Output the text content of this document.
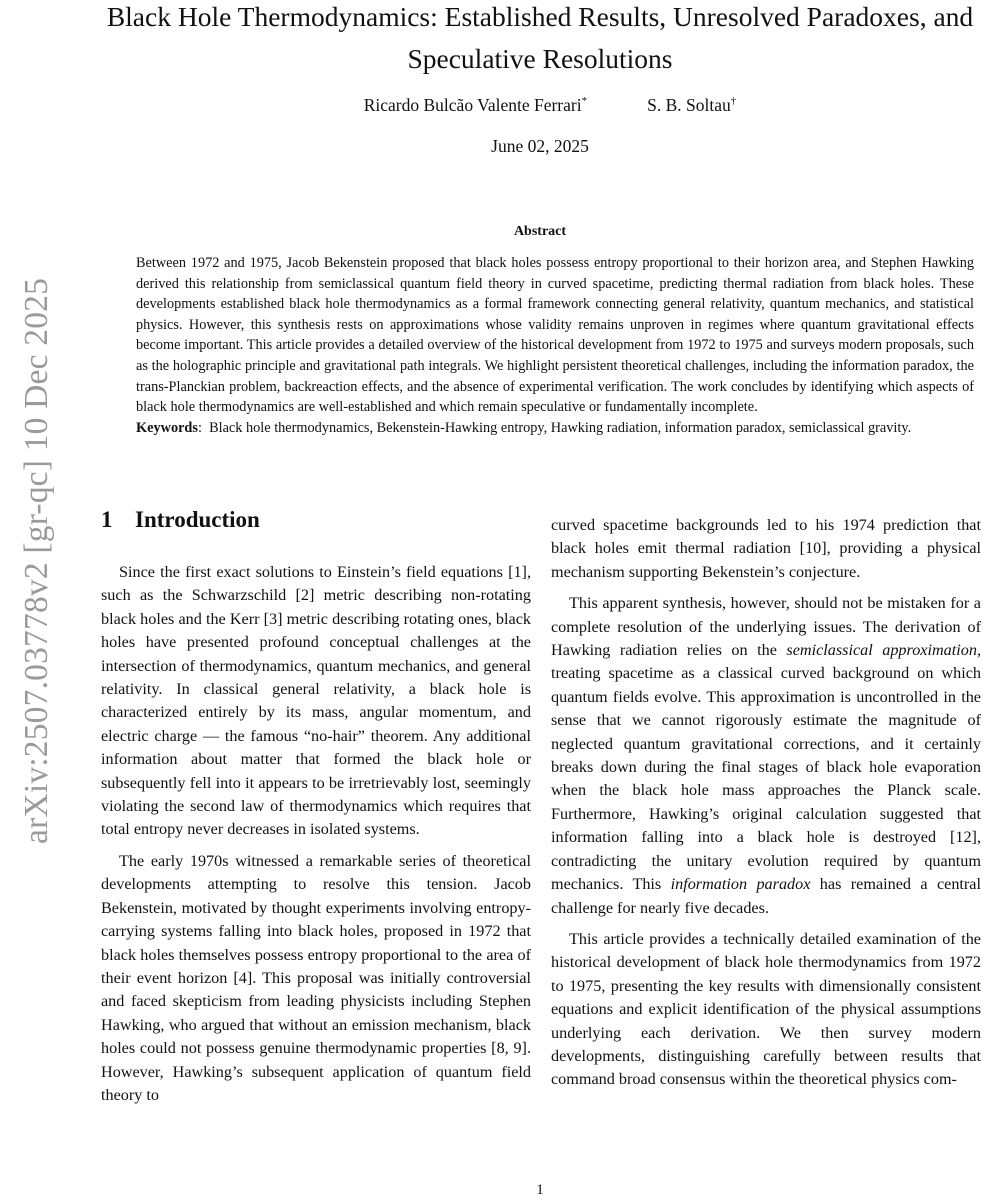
arXiv:2507.03778v2 [gr-qc] 10 Dec 2025
Black Hole Thermodynamics: Established Results, Unresolved Paradoxes, and Speculative Resolutions
Ricardo Bulcão Valente Ferrari*	S. B. Soltau†
June 02, 2025
Abstract

Between 1972 and 1975, Jacob Bekenstein proposed that black holes possess entropy proportional to their horizon area, and Stephen Hawking derived this relationship from semiclassical quantum field theory in curved spacetime, predicting thermal radiation from black holes. These developments established black hole thermodynamics as a formal framework connecting general relativity, quantum mechanics, and statistical physics. However, this synthesis rests on approximations whose validity remains unproven in regimes where quantum gravitational effects become important. This article provides a detailed overview of the historical development from 1972 to 1975 and surveys modern proposals, such as the holographic principle and gravitational path integrals. We highlight persistent theoretical challenges, including the information paradox, the trans-Planckian problem, backreaction effects, and the absence of experimental verification. The work concludes by identifying which aspects of black hole thermodynamics are well-established and which remain speculative or fundamentally incomplete.

Keywords:  Black hole thermodynamics, Bekenstein-Hawking entropy, Hawking radiation, information paradox, semiclassical gravity.

1 Introduction

Since the first exact solutions to Einstein’s field equations [1], such as the Schwarzschild [2] metric describing non-rotating black holes and the Kerr [3] metric describing rotating ones, black holes have presented profound conceptual challenges at the intersection of thermodynamics, quantum mechanics, and general relativity. In classical general relativity, a black hole is characterized entirely by its mass, angular momentum, and electric charge — the famous “no-hair” theorem. Any additional information about matter that formed the black hole or subsequently fell into it appears to be irretrievably lost, seemingly violating the second law of thermodynamics which requires that total entropy never decreases in isolated systems.

The early 1970s witnessed a remarkable series of theoretical developments attempting to resolve this tension. Jacob Bekenstein, motivated by thought experiments involving entropy-carrying systems falling into black holes, proposed in 1972 that black holes themselves possess entropy proportional to the area of their event horizon [4]. This proposal was initially controversial and faced skepticism from leading physicists including Stephen Hawking, who argued that without an emission mechanism, black holes could not possess genuine thermodynamic properties [8, 9]. However, Hawking’s subsequent application of quantum field theory to

curved spacetime backgrounds led to his 1974 prediction that black holes emit thermal radiation [10], providing a physical mechanism supporting Bekenstein’s conjecture.

This apparent synthesis, however, should not be mistaken for a complete resolution of the underlying issues. The derivation of Hawking radiation relies on the semiclassical approximation, treating spacetime as a classical curved background on which quantum fields evolve. This approximation is uncontrolled in the sense that we cannot rigorously estimate the magnitude of neglected quantum gravitational corrections, and it certainly breaks down during the final stages of black hole evaporation when the black hole mass approaches the Planck scale. Furthermore, Hawking’s original calculation suggested that information falling into a black hole is destroyed [12], contradicting the unitary evolution required by quantum mechanics. This information paradox has remained a central challenge for nearly five decades.

This article provides a technically detailed examination of the historical development of black hole thermodynamics from 1972 to 1975, presenting the key results with dimensionally consistent equations and explicit identification of the physical assumptions underlying each derivation. We then survey modern developments, distinguishing carefully between results that command broad consensus within the theoretical physics com-

1
